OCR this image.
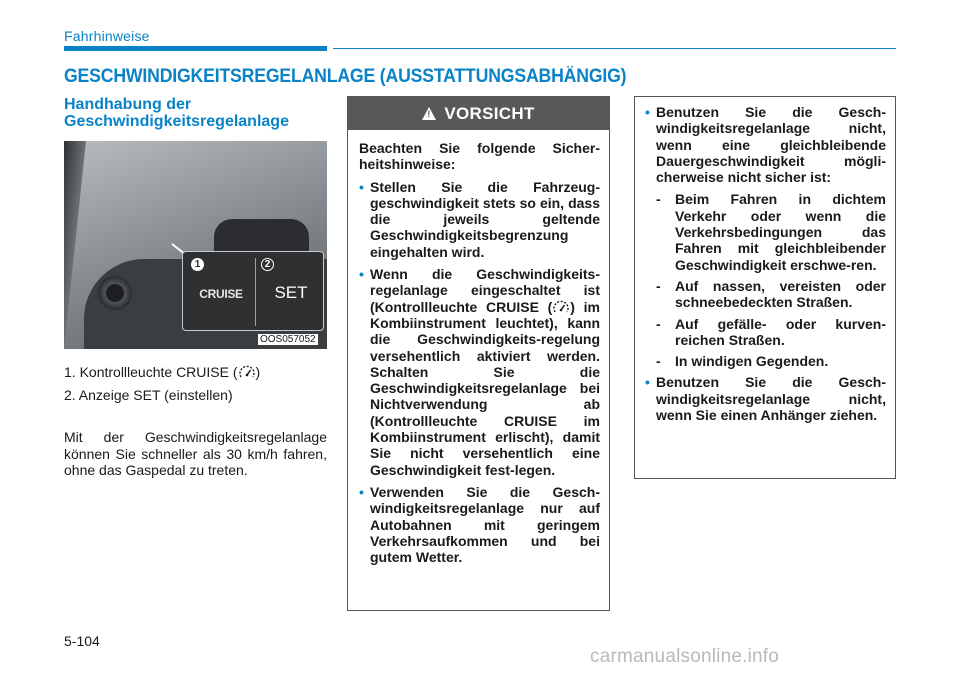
Fahrhinweise
GESCHWINDIGKEITSREGELANLAGE (AUSSTATTUNGSABHÄNGIG)
Handhabung der
Geschwindigkeitsregelanlage
1	2
CRUISE	SET
OOS057052
1. Kontrollleuchte CRUISE ( )
2. Anzeige SET (einstellen)
Mit der Geschwindigkeitsregelanlage können Sie schneller als 30 km/h fahren, ohne das Gaspedal zu treten.
!
VORSICHT
Beachten Sie folgende Sicher-heitshinweise:
• Stellen Sie die Fahrzeug-geschwindigkeit stets so ein, dass die jeweils geltende Geschwindigkeitsbegrenzung eingehalten wird.
• Wenn die Geschwindigkeits-regelanlage eingeschaltet ist (Kontrollleuchte CRUISE ( ) im Kombiinstrument leuchtet), kann die Geschwindigkeits-regelung versehentlich aktiviert werden. Schalten Sie die Geschwindigkeitsregelanlage bei Nichtverwendung ab (Kontrollleuchte CRUISE im Kombiinstrument erlischt), damit Sie nicht versehentlich eine Geschwindigkeit fest-legen.
• Verwenden Sie die Gesch-windigkeitsregelanlage nur auf Autobahnen mit geringem Verkehrsaufkommen und bei gutem Wetter.
• Benutzen Sie die Gesch-windigkeitsregelanlage nicht, wenn eine gleichbleibende Dauergeschwindigkeit mögli-cherweise nicht sicher ist:
- Beim Fahren in dichtem Verkehr oder wenn die Verkehrsbedingungen das Fahren mit gleichbleibender Geschwindigkeit erschwe-ren.
- Auf nassen, vereisten oder schneebedeckten Straßen.
- Auf gefälle- oder kurven-reichen Straßen.
- In windigen Gegenden.
• Benutzen Sie die Gesch-windigkeitsregelanlage nicht, wenn Sie einen Anhänger ziehen.
5-104
carmanualsonline.info
